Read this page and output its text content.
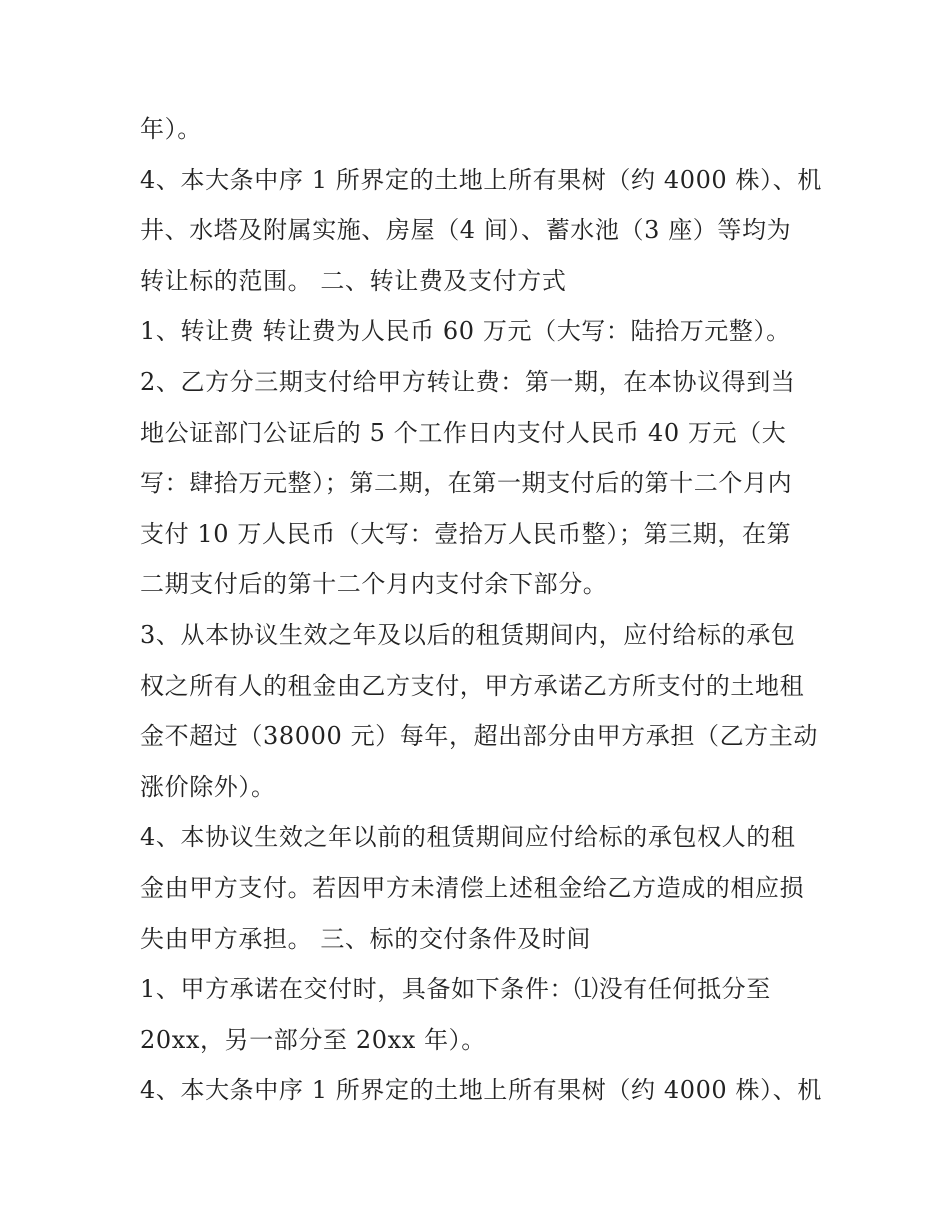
年）。
4、本大条中序 1 所界定的土地上所有果树（约 4000 株）、机
井、水塔及附属实施、房屋（4 间）、蓄水池（3 座）等均为
转让标的范围。 二、转让费及支付方式
1、转让费 转让费为人民币 60 万元（大写：陆拾万元整）。
2、乙方分三期支付给甲方转让费：第一期，在本协议得到当
地公证部门公证后的 5 个工作日内支付人民币 40 万元（大
写：肆拾万元整）；第二期，在第一期支付后的第十二个月内
支付 10 万人民币（大写：壹拾万人民币整）；第三期，在第
二期支付后的第十二个月内支付余下部分。
3、从本协议生效之年及以后的租赁期间内，应付给标的承包
权之所有人的租金由乙方支付，甲方承诺乙方所支付的土地租
金不超过（38000 元）每年，超出部分由甲方承担（乙方主动
涨价除外）。
4、本协议生效之年以前的租赁期间应付给标的承包权人的租
金由甲方支付。若因甲方未清偿上述租金给乙方造成的相应损
失由甲方承担。 三、标的交付条件及时间
1、甲方承诺在交付时，具备如下条件：⑴没有任何抵分至
20xx，另一部分至 20xx 年）。
4、本大条中序 1 所界定的土地上所有果树（约 4000 株）、机
